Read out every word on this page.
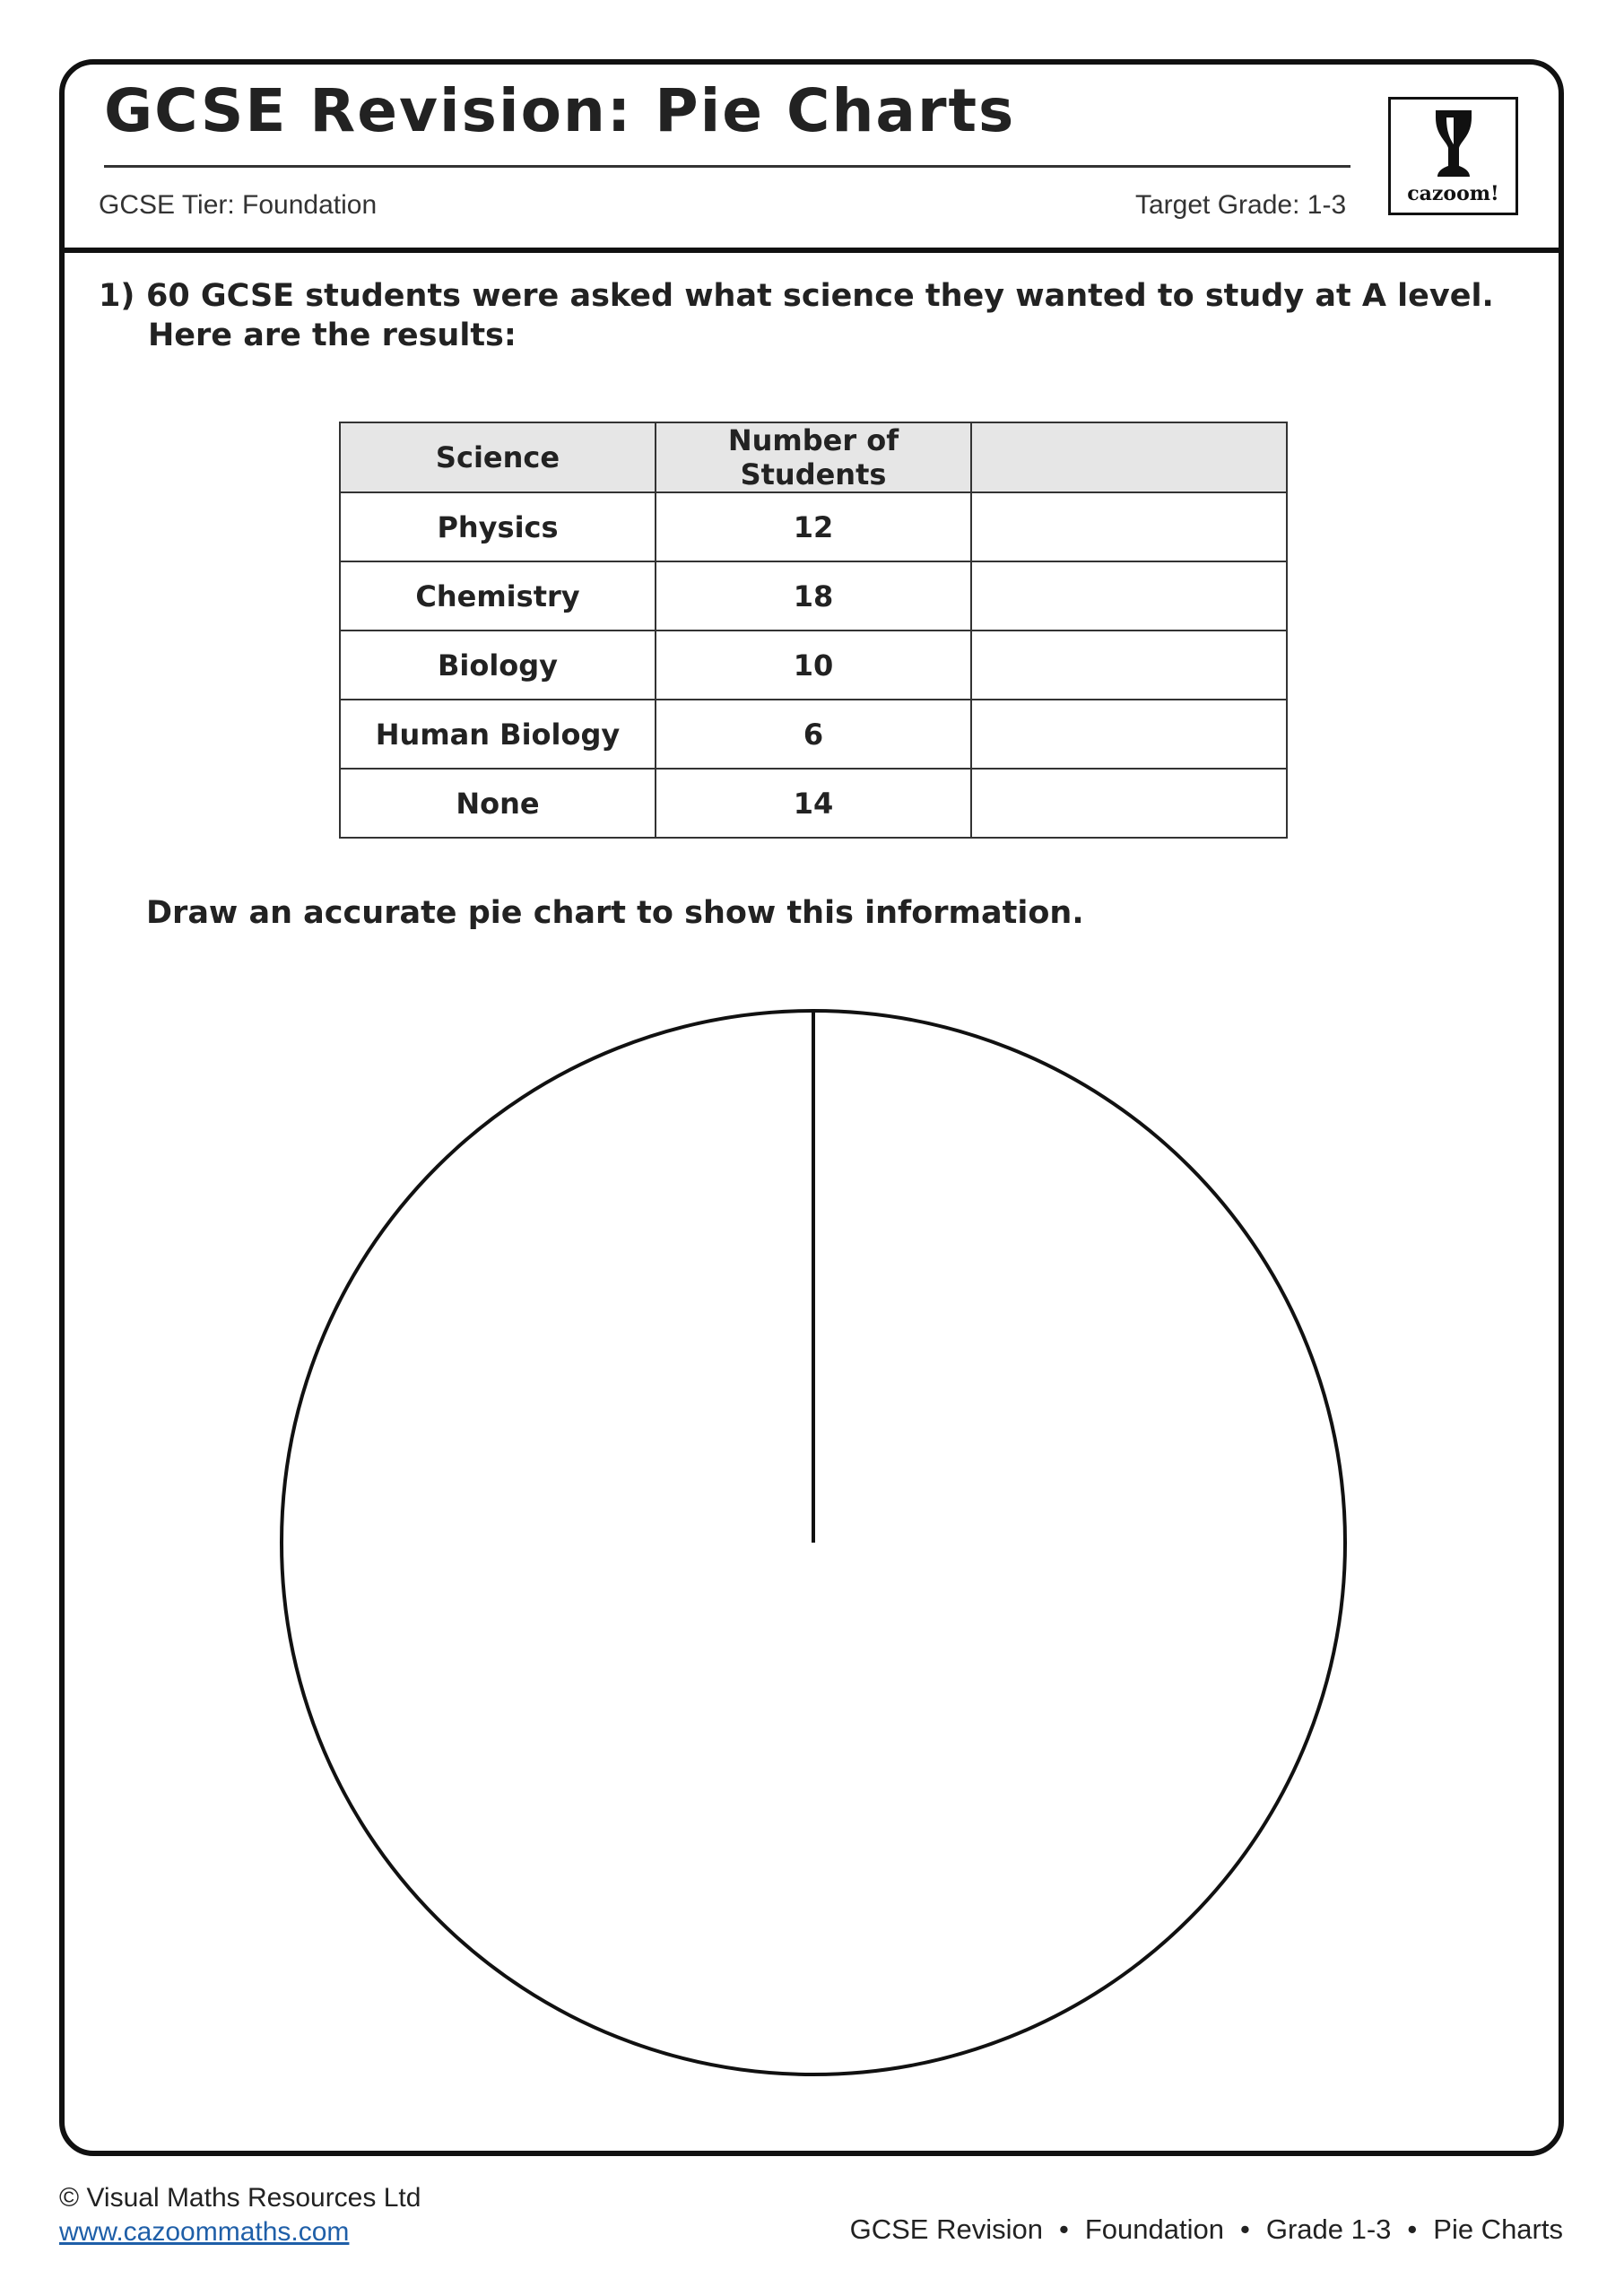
GCSE Revision: Pie Charts
GCSE Tier: Foundation	Target Grade: 1-3	cazoom!
1) 60 GCSE students were asked what science they wanted to study at A level.
Here are the results:
Science	Number of Students	
Physics	12	
Chemistry	18	
Biology	10	
Human Biology	6	
None	14	
Draw an accurate pie chart to show this information.
© Visual Maths Resources Ltd
www.cazoommaths.com	GCSE Revision • Foundation • Grade 1-3 • Pie Charts
